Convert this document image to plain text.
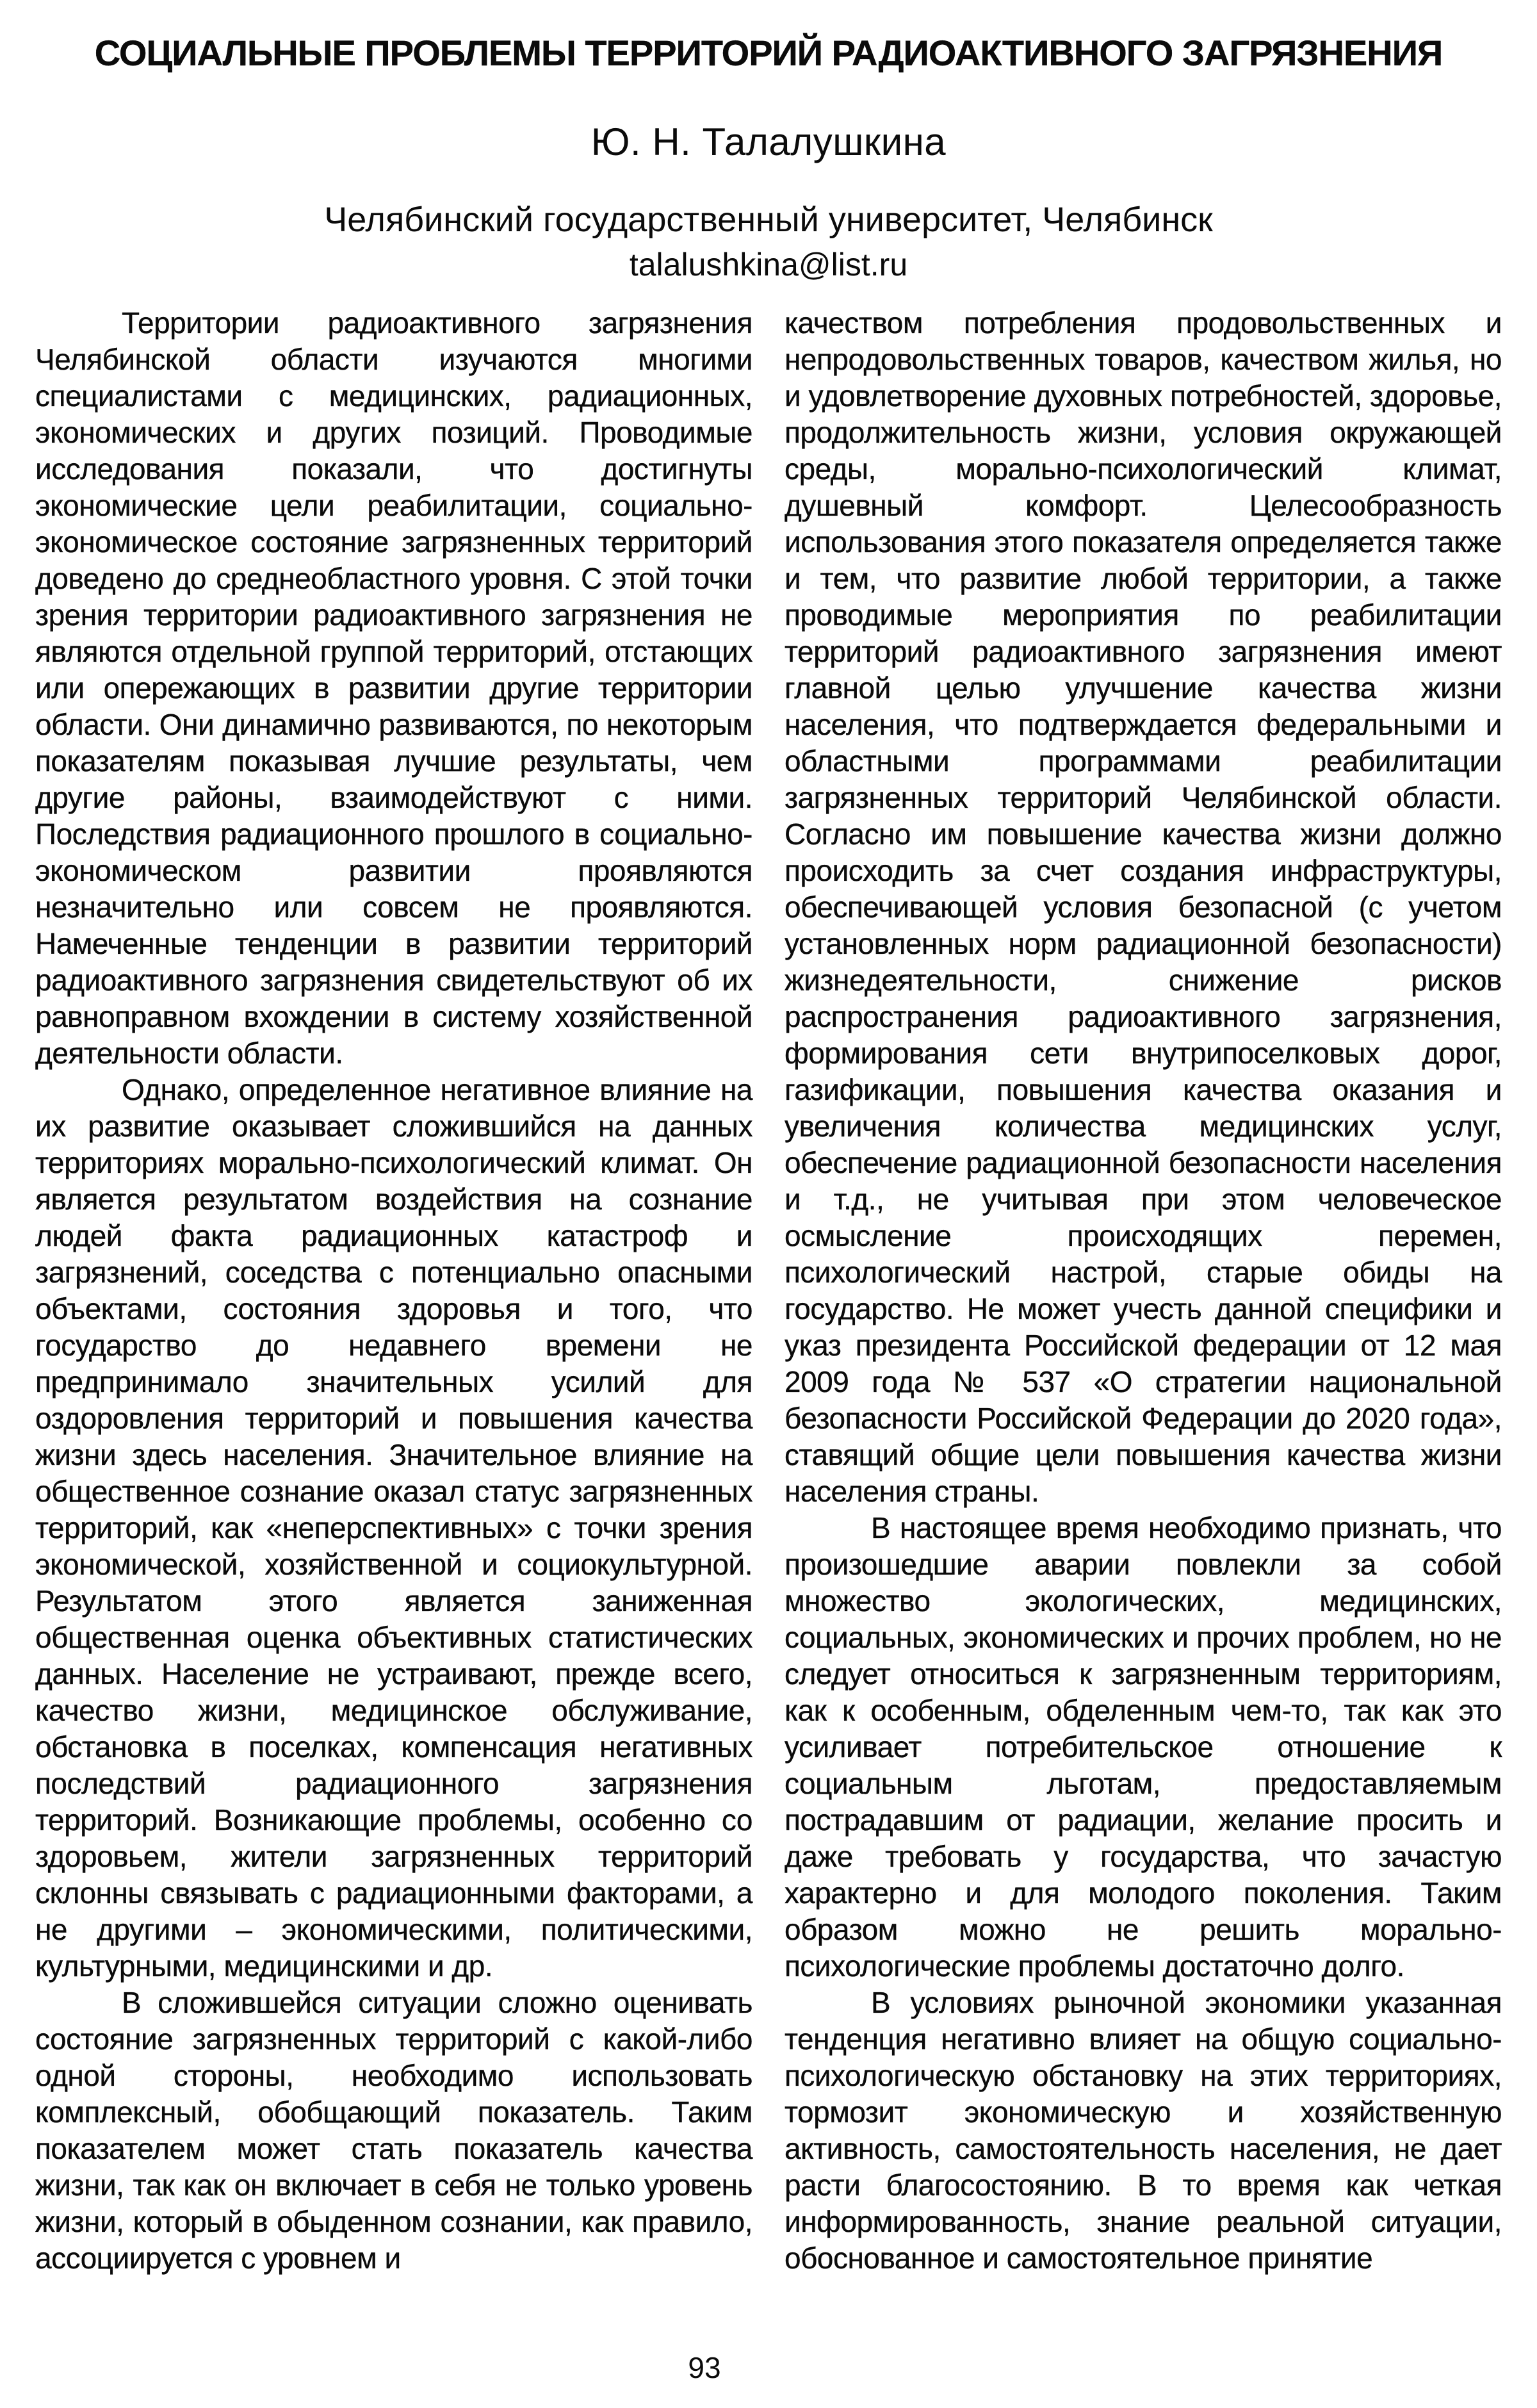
СОЦИАЛЬНЫЕ ПРОБЛЕМЫ ТЕРРИТОРИЙ РАДИОАКТИВНОГО ЗАГРЯЗНЕНИЯ
Ю. Н. Талалушкина
Челябинский государственный университет, Челябинск
talalushkina@list.ru

Территории радиоактивного загрязнения Челябинской области изучаются многими специалистами с медицинских, радиационных, экономических и других позиций. Проводимые исследования показали, что достигнуты экономические цели реабилитации, социально-экономическое состояние загрязненных территорий доведено до среднеобластного уровня. С этой точки зрения территории радиоактивного загрязнения не являются отдельной группой территорий, отстающих или опережающих в развитии другие территории области. Они динамично развиваются, по некоторым показателям показывая лучшие результаты, чем другие районы, взаимодействуют с ними. Последствия радиационного прошлого в социально-экономическом развитии проявляются незначительно или совсем не проявляются. Намеченные тенденции в развитии территорий радиоактивного загрязнения свидетельствуют об их равноправном вхождении в систему хозяйственной деятельности области.

Однако, определенное негативное влияние на их развитие оказывает сложившийся на данных территориях морально-психологический климат. Он является результатом воздействия на сознание людей факта радиационных катастроф и загрязнений, соседства с потенциально опасными объектами, состояния здоровья и того, что государство до недавнего времени не предпринимало значительных усилий для оздоровления территорий и повышения качества жизни здесь населения. Значительное влияние на общественное сознание оказал статус загрязненных территорий, как «неперспективных» с точки зрения экономической, хозяйственной и социокультурной. Результатом этого является заниженная общественная оценка объективных статистических данных. Население не устраивают, прежде всего, качество жизни, медицинское обслуживание, обстановка в поселках, компенсация негативных последствий радиационного загрязнения территорий. Возникающие проблемы, особенно со здоровьем, жители загрязненных территорий склонны связывать с радиационными факторами, а не другими – экономическими, политическими, культурными, медицинскими и др.

В сложившейся ситуации сложно оценивать состояние загрязненных территорий с какой-либо одной стороны, необходимо использовать комплексный, обобщающий показатель. Таким показателем может стать показатель качества жизни, так как он включает в себя не только уровень жизни, который в обыденном сознании, как правило, ассоциируется с уровнем и

качеством потребления продовольственных и непродовольственных товаров, качеством жилья, но и удовлетворение духовных потребностей, здоровье, продолжительность жизни, условия окружающей среды, морально-психологический климат, душевный комфорт. Целесообразность использования этого показателя определяется также и тем, что развитие любой территории, а также проводимые мероприятия по реабилитации территорий радиоактивного загрязнения имеют главной целью улучшение качества жизни населения, что подтверждается федеральными и областными программами реабилитации загрязненных территорий Челябинской области. Согласно им повышение качества жизни должно происходить за счет создания инфраструктуры, обеспечивающей условия безопасной (с учетом установленных норм радиационной безопасности) жизнедеятельности, снижение рисков распространения радиоактивного загрязнения, формирования сети внутрипоселковых дорог, газификации, повышения качества оказания и увеличения количества медицинских услуг, обеспечение радиационной безопасности населения и т.д., не учитывая при этом человеческое осмысление происходящих перемен, психологический настрой, старые обиды на государство. Не может учесть данной специфики и указ президента Российской федерации от 12 мая 2009 года № 537 «О стратегии национальной безопасности Российской Федерации до 2020 года», ставящий общие цели повышения качества жизни населения страны.

В настоящее время необходимо признать, что произошедшие аварии повлекли за собой множество экологических, медицинских, социальных, экономических и прочих проблем, но не следует относиться к загрязненным территориям, как к особенным, обделенным чем-то, так как это усиливает потребительское отношение к социальным льготам, предоставляемым пострадавшим от радиации, желание просить и даже требовать у государства, что зачастую характерно и для молодого поколения. Таким образом можно не решить морально-психологические проблемы достаточно долго.

В условиях рыночной экономики указанная тенденция негативно влияет на общую социально-психологическую обстановку на этих территориях, тормозит экономическую и хозяйственную активность, самостоятельность населения, не дает расти благосостоянию. В то время как четкая информированность, знание реальной ситуации, обоснованное и самостоятельное принятие

93
